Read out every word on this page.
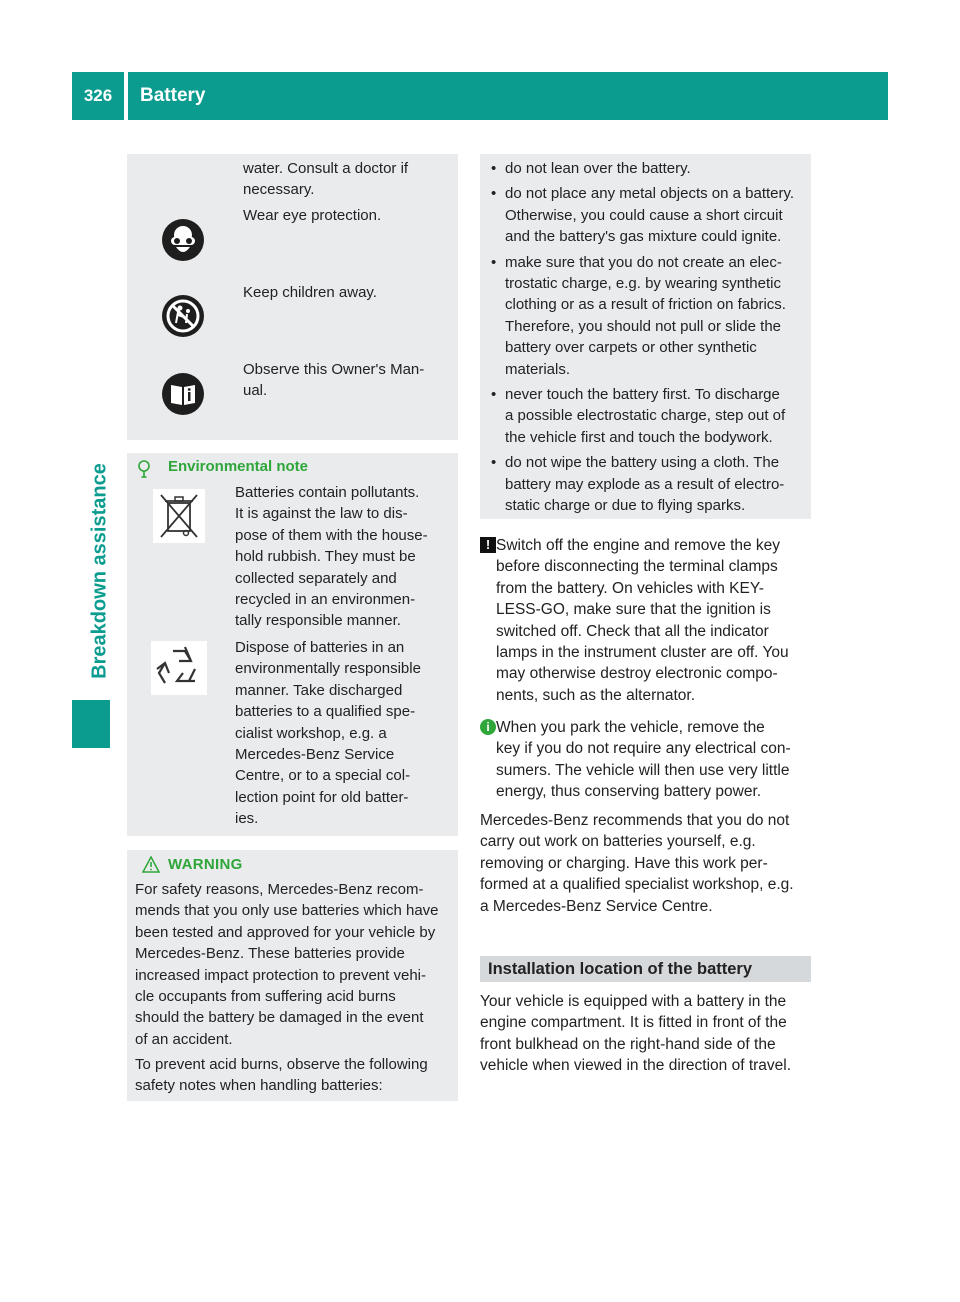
326	Battery
Breakdown assistance
water. Consult a doctor if
necessary.
Wear eye protection.
Keep children away.
Observe this Owner's Man-
ual.
Environmental note
Batteries contain pollutants.
It is against the law to dis-
pose of them with the house-
hold rubbish. They must be
collected separately and
recycled in an environmen-
tally responsible manner.
Dispose of batteries in an
environmentally responsible
manner. Take discharged
batteries to a qualified spe-
cialist workshop, e.g. a
Mercedes-Benz Service
Centre, or to a special col-
lection point for old batter-
ies.
WARNING
For safety reasons, Mercedes-Benz recom-
mends that you only use batteries which have
been tested and approved for your vehicle by
Mercedes-Benz. These batteries provide
increased impact protection to prevent vehi-
cle occupants from suffering acid burns
should the battery be damaged in the event
of an accident.
To prevent acid burns, observe the following
safety notes when handling batteries:
• do not lean over the battery.
• do not place any metal objects on a battery.
Otherwise, you could cause a short circuit
and the battery's gas mixture could ignite.
• make sure that you do not create an elec-
trostatic charge, e.g. by wearing synthetic
clothing or as a result of friction on fabrics.
Therefore, you should not pull or slide the
battery over carpets or other synthetic
materials.
• never touch the battery first. To discharge
a possible electrostatic charge, step out of
the vehicle first and touch the bodywork.
• do not wipe the battery using a cloth. The
battery may explode as a result of electro-
static charge or due to flying sparks.
! Switch off the engine and remove the key
before disconnecting the terminal clamps
from the battery. On vehicles with KEY-
LESS-GO, make sure that the ignition is
switched off. Check that all the indicator
lamps in the instrument cluster are off. You
may otherwise destroy electronic compo-
nents, such as the alternator.
i When you park the vehicle, remove the
key if you do not require any electrical con-
sumers. The vehicle will then use very little
energy, thus conserving battery power.
Mercedes-Benz recommends that you do not
carry out work on batteries yourself, e.g.
removing or charging. Have this work per-
formed at a qualified specialist workshop, e.g.
a Mercedes-Benz Service Centre.
Installation location of the battery
Your vehicle is equipped with a battery in the
engine compartment. It is fitted in front of the
front bulkhead on the right-hand side of the
vehicle when viewed in the direction of travel.
